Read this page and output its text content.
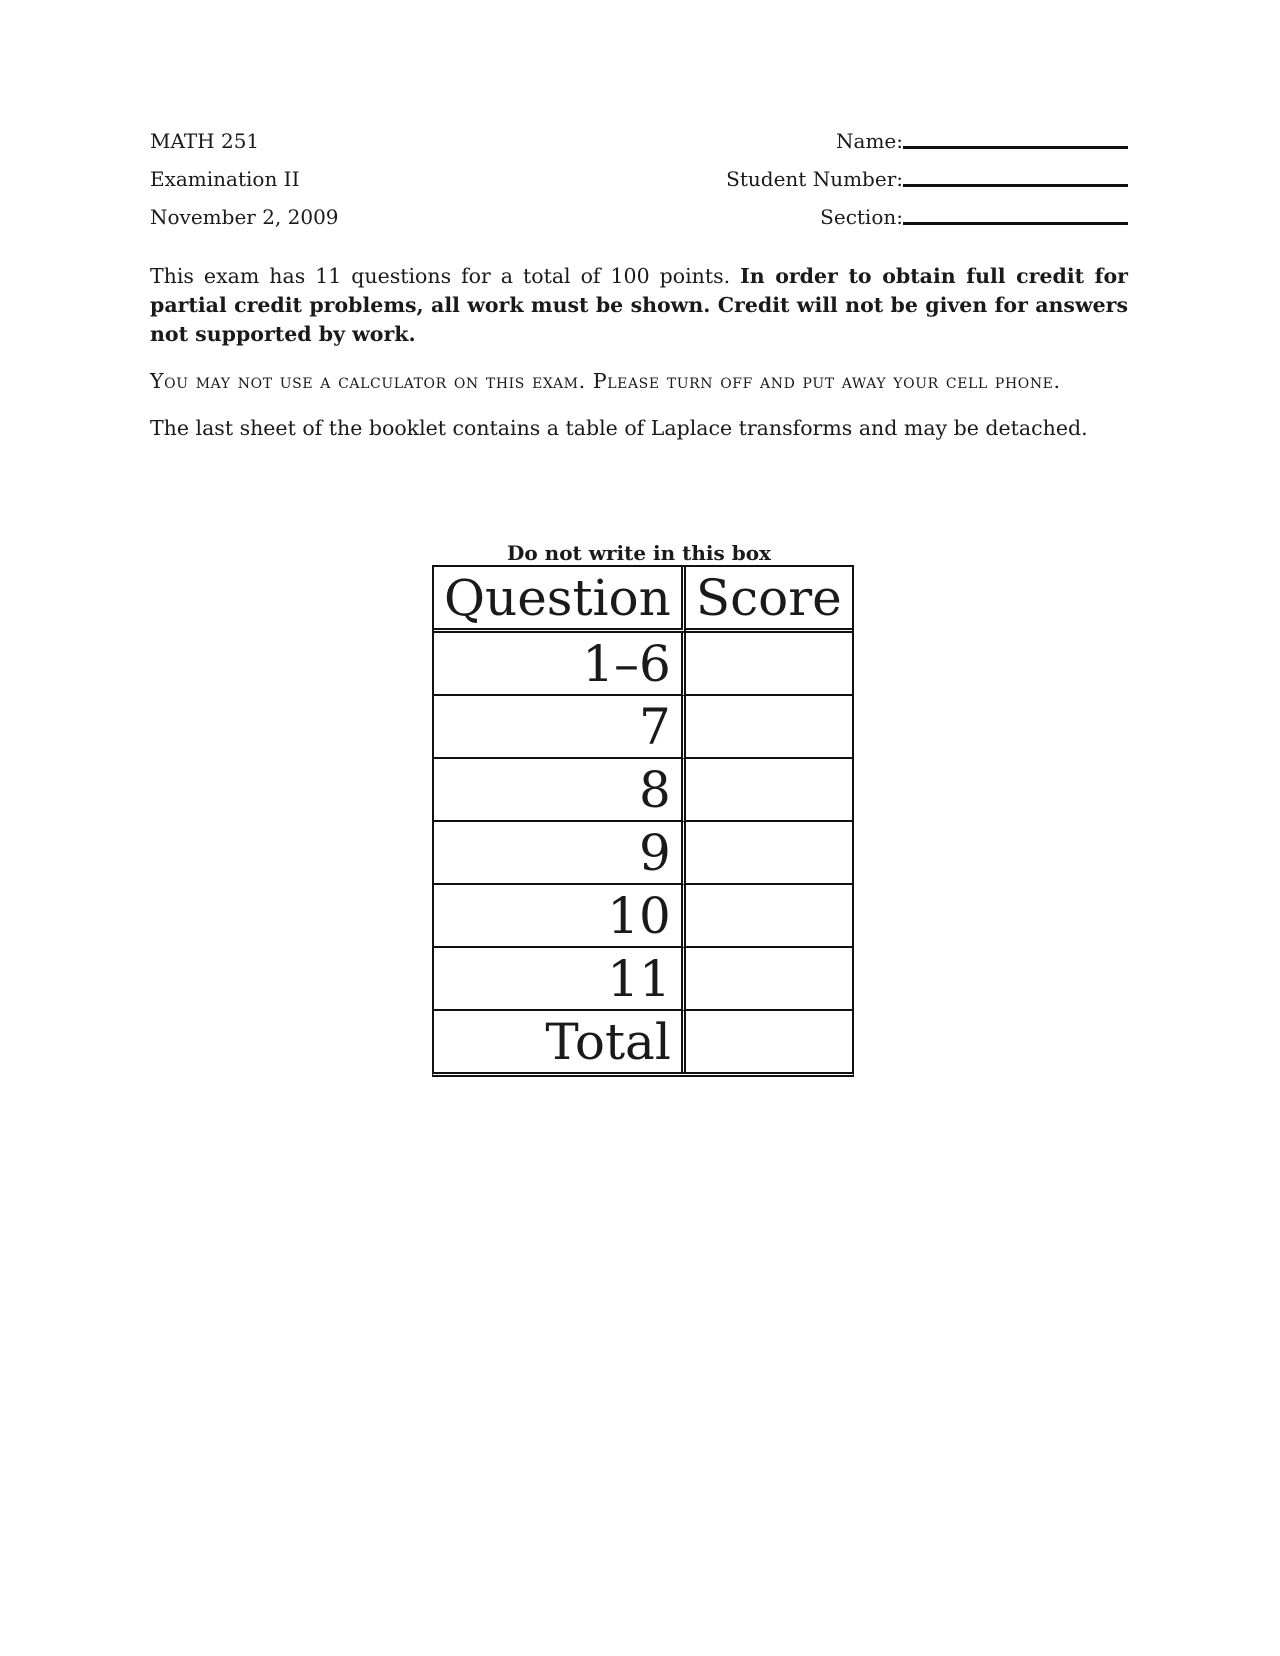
MATH 251
Examination II
November 2, 2009
Name:
Student Number:
Section:

This exam has 11 questions for a total of 100 points. In order to obtain full credit for partial credit problems, all work must be shown. Credit will not be given for answers not supported by work.

You may not use a calculator on this exam. Please turn off and put away your cell phone.

The last sheet of the booklet contains a table of Laplace transforms and may be detached.

Do not write in this box
Question	Score
1–6	
7	
8	
9	
10	
11	
Total	
